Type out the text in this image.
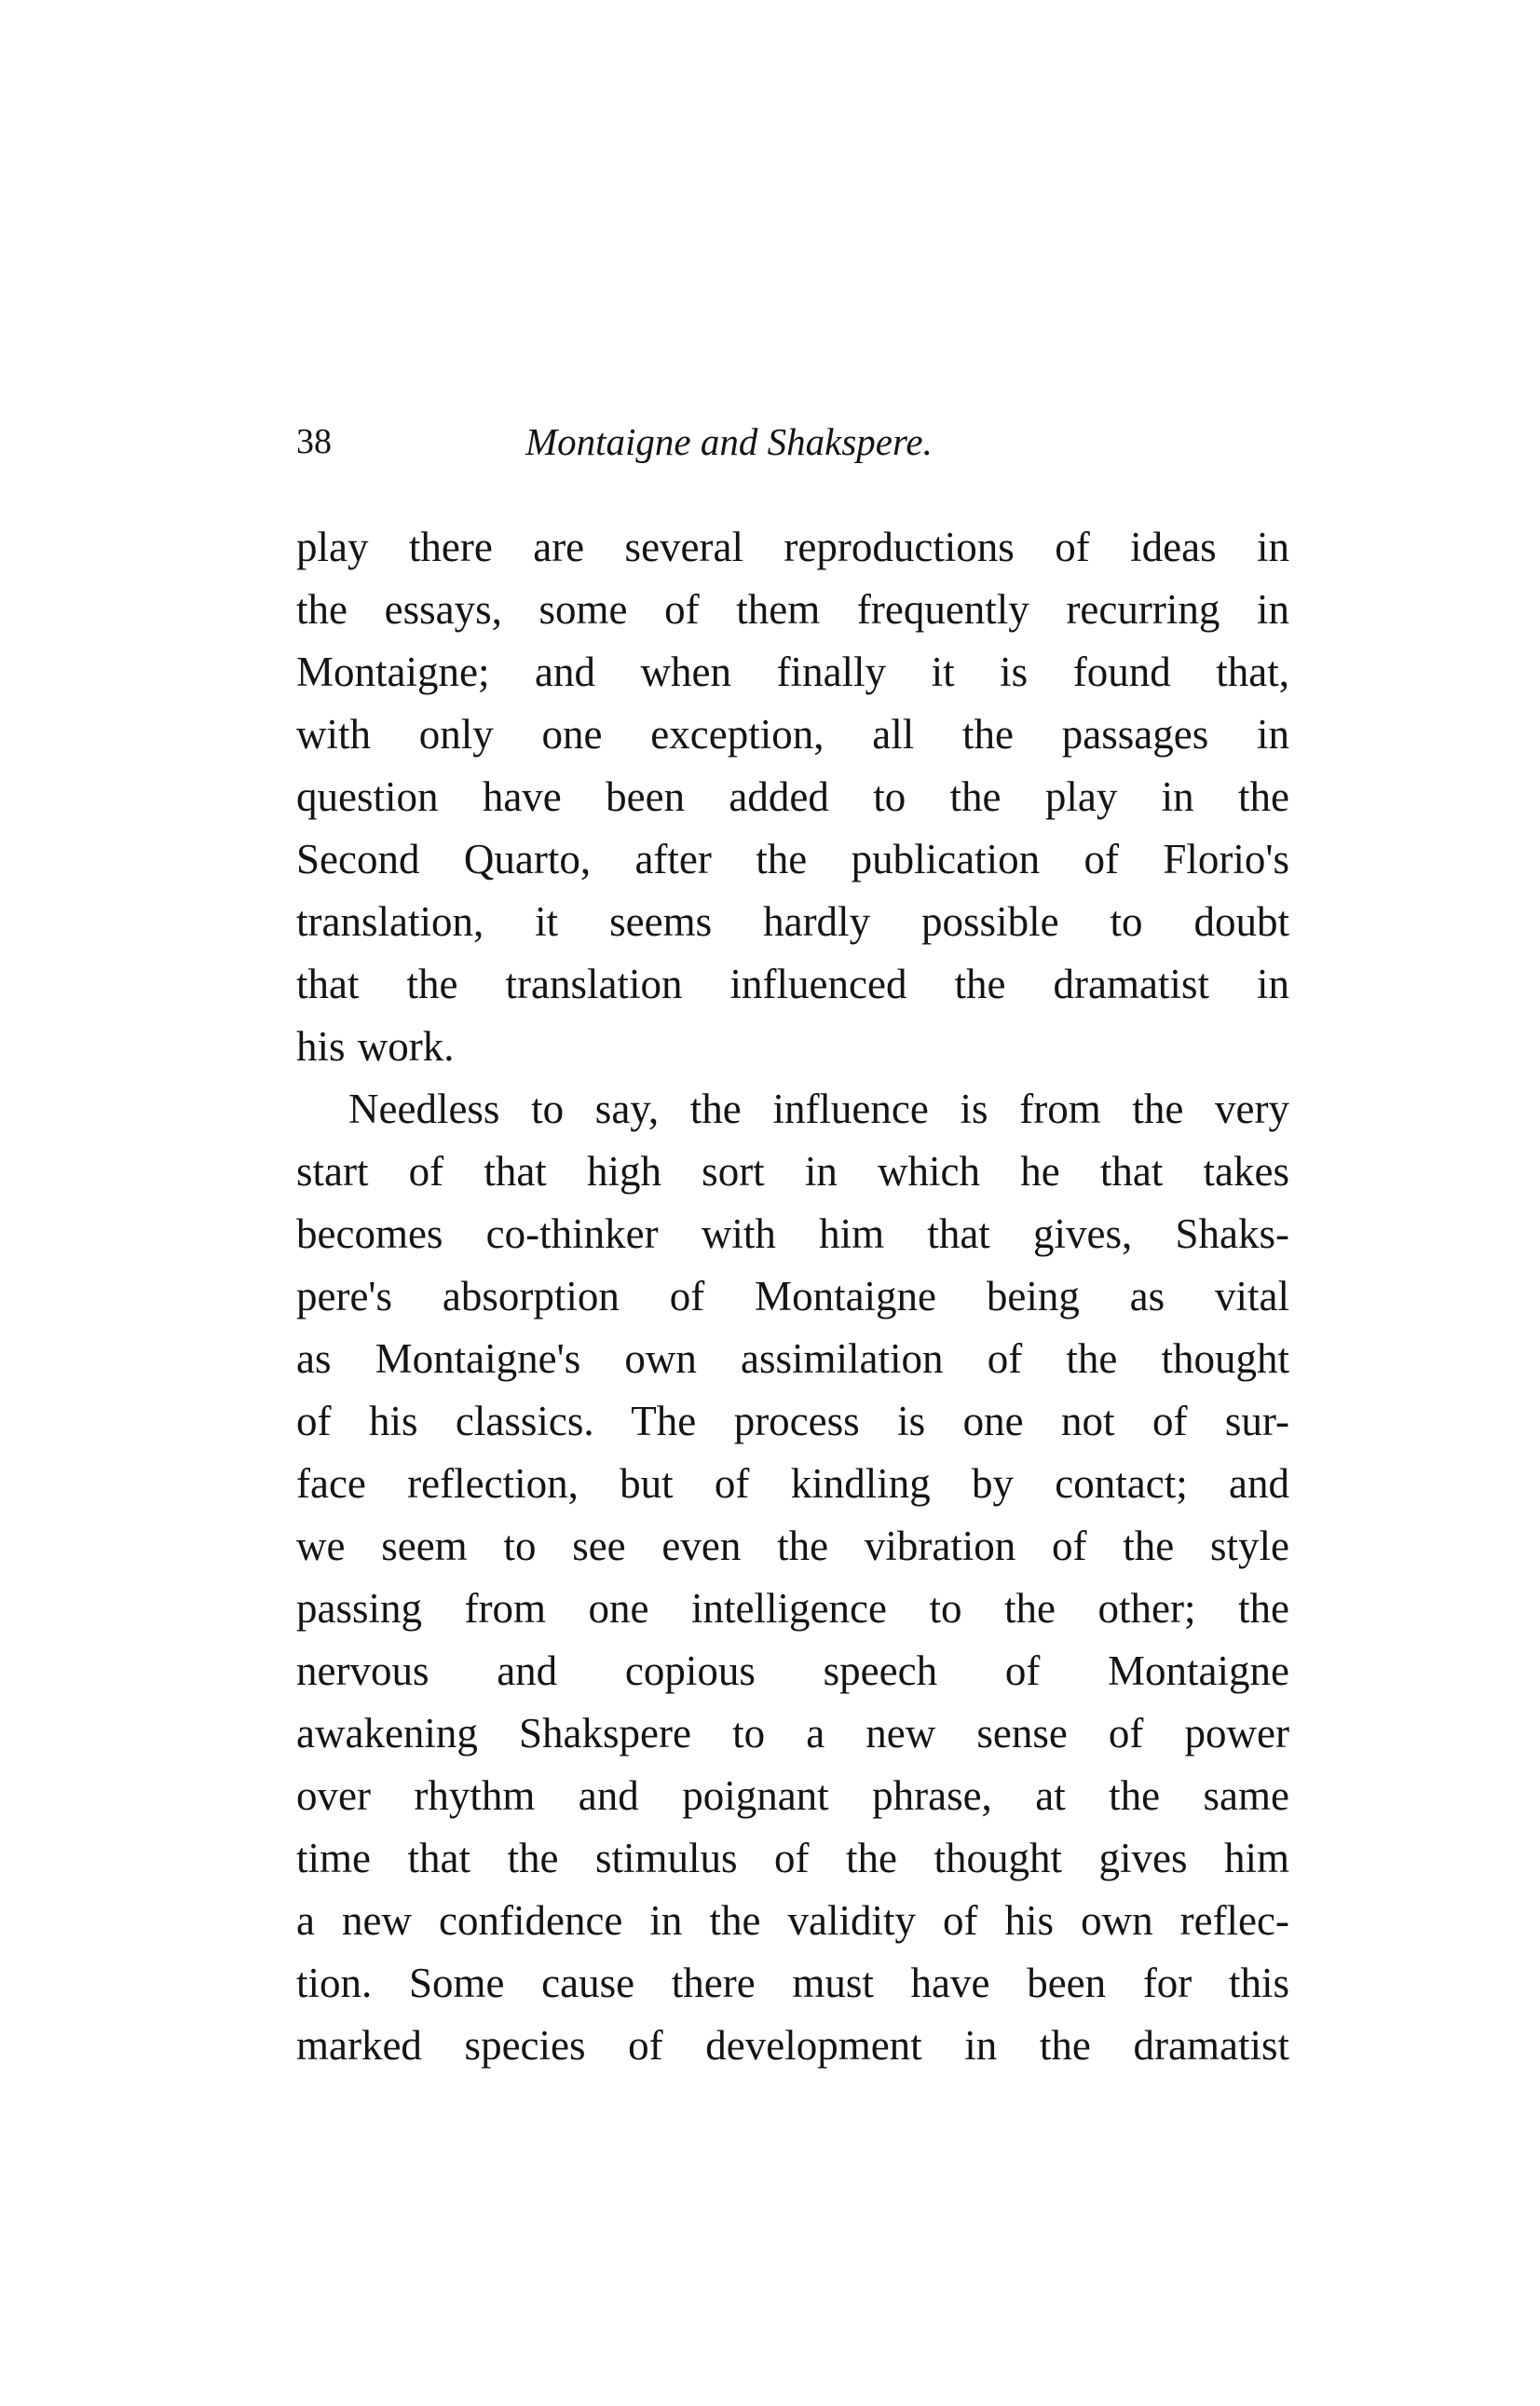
38	Montaigne and Shakspere.
play there are several reproductions of ideas in
the essays, some of them frequently recurring in
Montaigne; and when finally it is found that,
with only one exception, all the passages in
question have been added to the play in the
Second Quarto, after the publication of Florio's
translation, it seems hardly possible to doubt
that the translation influenced the dramatist in
his work.
Needless to say, the influence is from the very
start of that high sort in which he that takes
becomes co-thinker with him that gives, Shaks-
pere's absorption of Montaigne being as vital
as Montaigne's own assimilation of the thought
of his classics. The process is one not of sur-
face reflection, but of kindling by contact; and
we seem to see even the vibration of the style
passing from one intelligence to the other; the
nervous and copious speech of Montaigne
awakening Shakspere to a new sense of power
over rhythm and poignant phrase, at the same
time that the stimulus of the thought gives him
a new confidence in the validity of his own reflec-
tion. Some cause there must have been for this
marked species of development in the dramatist
